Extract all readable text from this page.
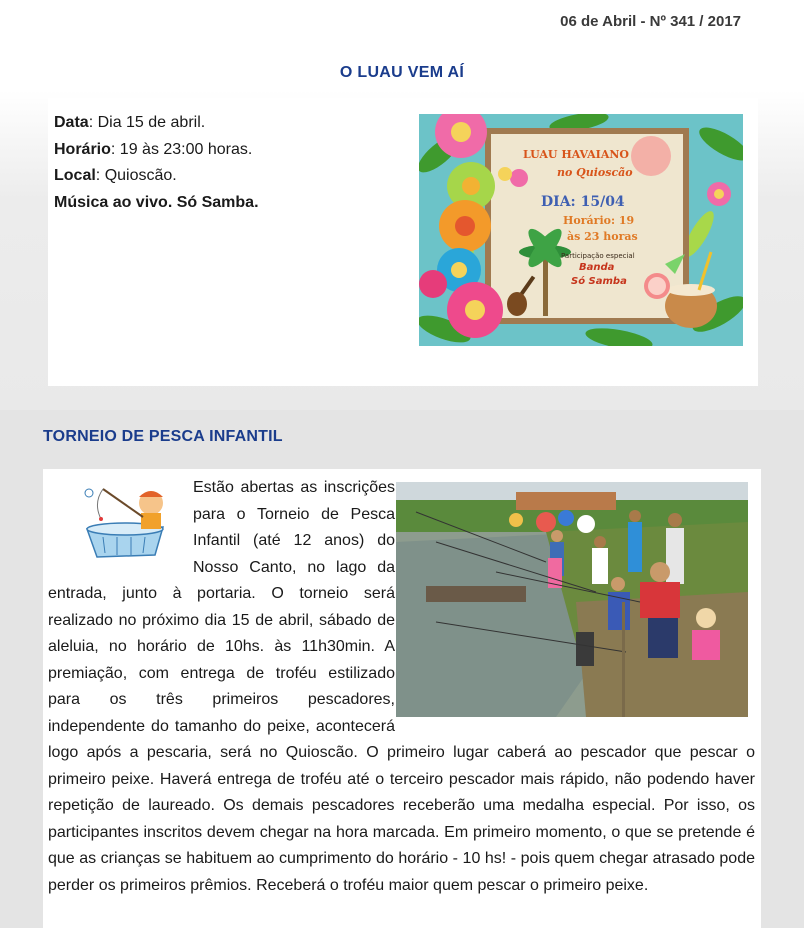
06 de Abril - Nº 341 / 2017
O LUAU VEM AÍ
Data: Dia 15 de abril.
Horário: 19 às 23:00 horas.
Local: Quioscão.
Música ao vivo. Só Samba.
LUAU HAVAIANO
no Quioscão
DIA: 15/04
Horário: 19
às 23 horas
Participação especial
Banda
Só Samba
TORNEIO DE PESCA INFANTIL
Estão abertas as inscrições para o Torneio de Pesca Infantil (até 12 anos) do Nosso Canto, no lago da entrada, junto à portaria. O torneio será realizado no próximo dia 15 de abril, sábado de aleluia, no horário de 10hs. às 11h30min. A premiação, com entrega de troféu estilizado para os três primeiros pescadores, independente do tamanho do peixe, acontecerá logo após a pescaria, será no Quioscão. O primeiro lugar caberá ao pescador que pescar o primeiro peixe. Haverá entrega de troféu até o terceiro pescador mais rápido, não podendo haver repetição de laureado. Os demais pescadores receberão uma medalha especial. Por isso, os participantes inscritos devem chegar na hora marcada. Em primeiro momento, o que se pretende é que as crianças se habituem ao cumprimento do horário - 10 hs! - pois quem chegar atrasado pode perder os primeiros prêmios. Receberá o troféu maior quem pescar o primeiro peixe.
